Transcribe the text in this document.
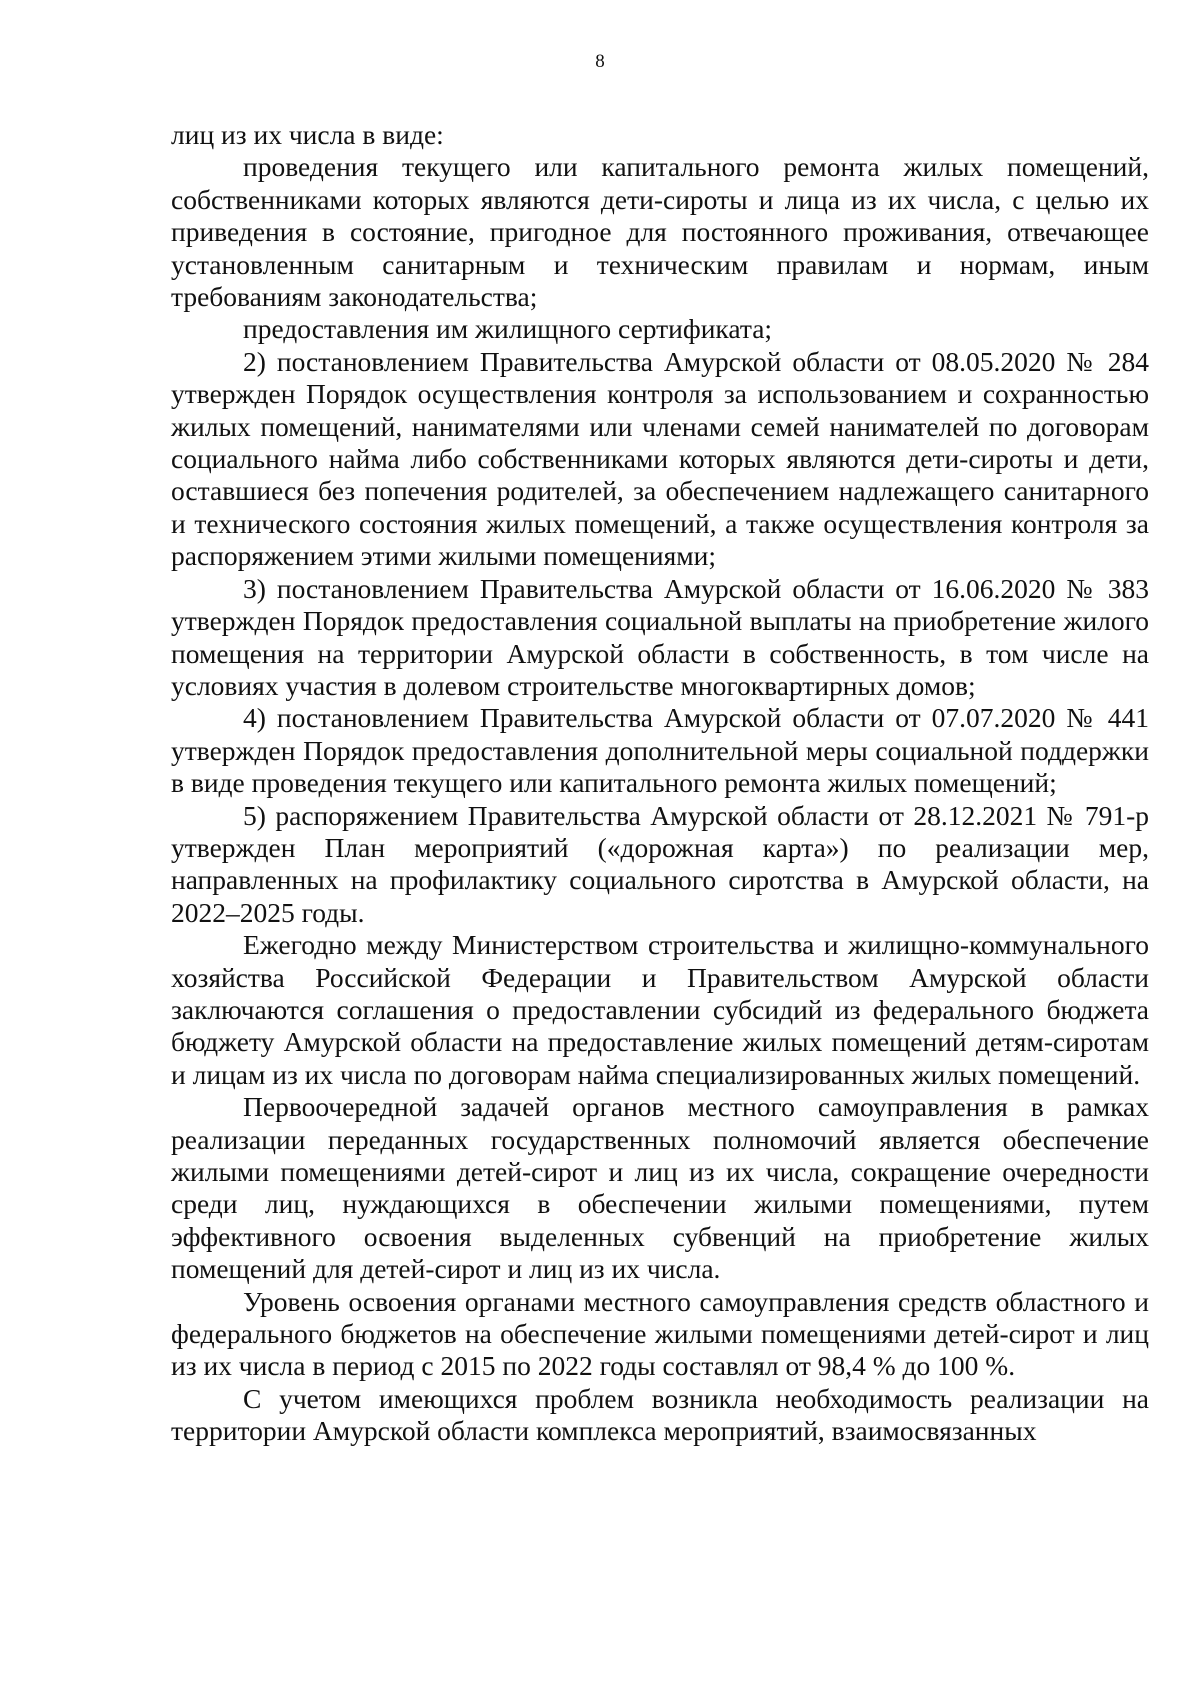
8

лиц из их числа в виде:

проведения текущего или капитального ремонта жилых помещений, собственниками которых являются дети-сироты и лица из их числа, с целью их приведения в состояние, пригодное для постоянного проживания, отвечающее установленным санитарным и техническим правилам и нормам, иным требованиям законодательства;

предоставления им жилищного сертификата;

2) постановлением Правительства Амурской области от 08.05.2020 № 284 утвержден Порядок осуществления контроля за использованием и сохранностью жилых помещений, нанимателями или членами семей нанимателей по договорам социального найма либо собственниками которых являются дети-сироты и дети, оставшиеся без попечения родителей, за обеспечением надлежащего санитарного и технического состояния жилых помещений, а также осуществления контроля за распоряжением этими жилыми помещениями;

3) постановлением Правительства Амурской области от 16.06.2020 № 383 утвержден Порядок предоставления социальной выплаты на приобретение жилого помещения на территории Амурской области в собственность, в том числе на условиях участия в долевом строительстве многоквартирных домов;

4) постановлением Правительства Амурской области от 07.07.2020 № 441 утвержден Порядок предоставления дополнительной меры социальной поддержки в виде проведения текущего или капитального ремонта жилых помещений;

5) распоряжением Правительства Амурской области от 28.12.2021 № 791-р утвержден План мероприятий («дорожная карта») по реализации мер, направленных на профилактику социального сиротства в Амурской области, на 2022–2025 годы.

Ежегодно между Министерством строительства и жилищно-коммунального хозяйства Российской Федерации и Правительством Амурской области заключаются соглашения о предоставлении субсидий из федерального бюджета бюджету Амурской области на предоставление жилых помещений детям-сиротам и лицам из их числа по договорам найма специализированных жилых помещений.

Первоочередной задачей органов местного самоуправления в рамках реализации переданных государственных полномочий является обеспечение жилыми помещениями детей-сирот и лиц из их числа, сокращение очередности среди лиц, нуждающихся в обеспечении жилыми помещениями, путем эффективного освоения выделенных субвенций на приобретение жилых помещений для детей-сирот и лиц из их числа.

Уровень освоения органами местного самоуправления средств областного и федерального бюджетов на обеспечение жилыми помещениями детей-сирот и лиц из их числа в период с 2015 по 2022 годы составлял от 98,4 % до 100 %.

С учетом имеющихся проблем возникла необходимость реализации на территории Амурской области комплекса мероприятий, взаимосвязанных
